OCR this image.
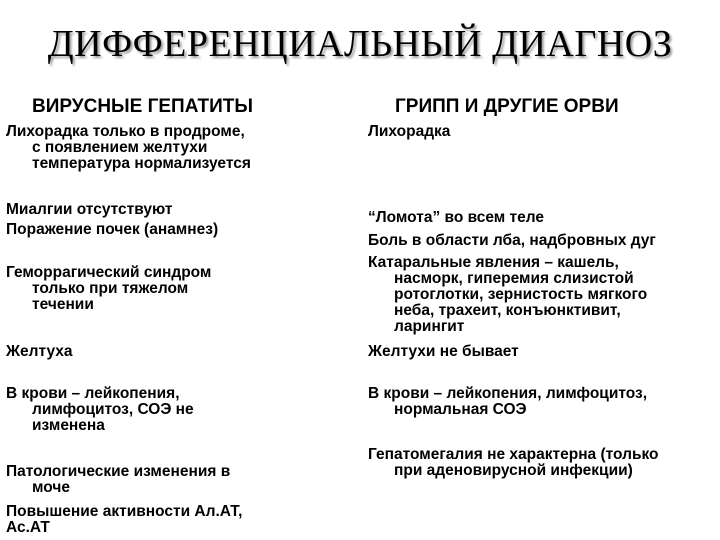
ДИФФЕРЕНЦИАЛЬНЫЙ ДИАГНОЗ
ВИРУСНЫЕ ГЕПАТИТЫ	ГРИПП И ДРУГИЕ ОРВИ
Лихорадка только в продроме,
с появлением желтухи
температура нормализуется
Миалгии отсутствуют
Поражение почек (анамнез)
Геморрагический синдром
только при тяжелом
течении
Желтуха
В крови – лейкопения,
лимфоцитоз, СОЭ не
изменена
Патологические изменения в
моче
Повышение активности Ал.АТ,
Ас.АТ
Лихорадка
“Ломота” во всем теле
Боль в области лба, надбровных дуг
Катаральные явления – кашель,
насморк, гиперемия слизистой
ротоглотки, зернистость мягкого
неба, трахеит, конъюнктивит,
ларингит
Желтухи не бывает
В крови – лейкопения, лимфоцитоз,
нормальная СОЭ
Гепатомегалия не характерна (только
при аденовирусной инфекции)
